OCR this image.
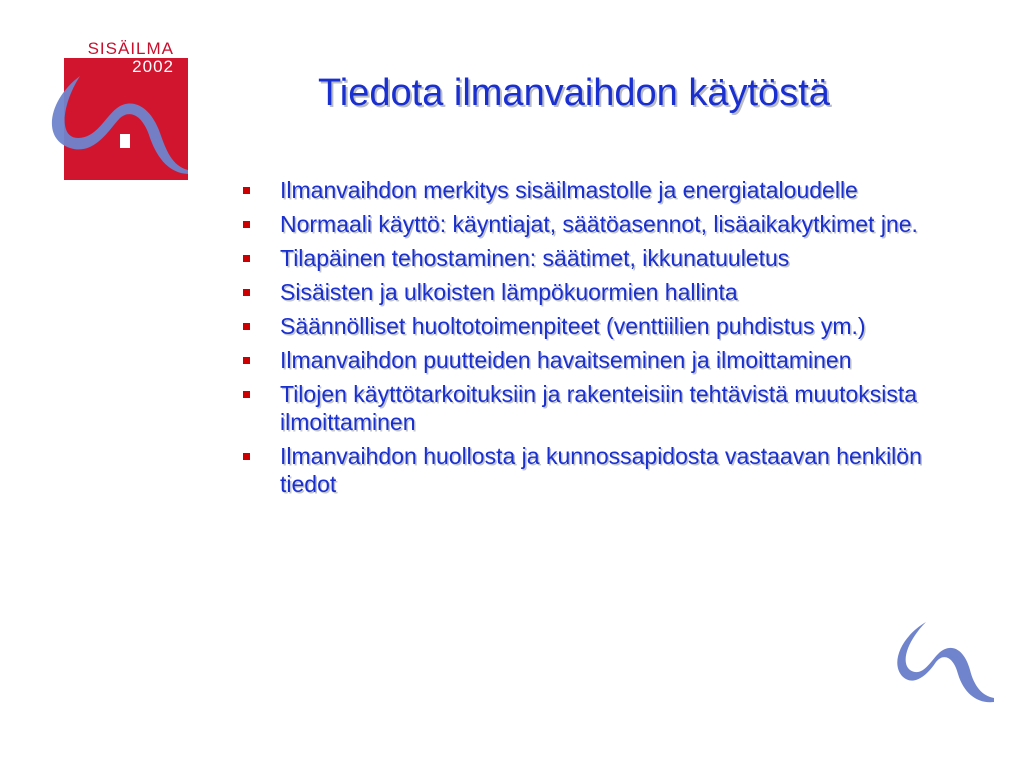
SISÄILMA
2002
Tiedota ilmanvaihdon käytöstä
Ilmanvaihdon merkitys sisäilmastolle ja energiataloudelle
Normaali käyttö: käyntiajat, säätöasennot, lisäaikakytkimet jne.
Tilapäinen tehostaminen: säätimet, ikkunatuuletus
Sisäisten ja ulkoisten lämpökuormien hallinta
Säännölliset huoltotoimenpiteet (venttiilien puhdistus ym.)
Ilmanvaihdon puutteiden havaitseminen ja ilmoittaminen
Tilojen käyttötarkoituksiin ja rakenteisiin tehtävistä muutoksista ilmoittaminen
Ilmanvaihdon huollosta ja kunnossapidosta vastaavan henkilön tiedot
